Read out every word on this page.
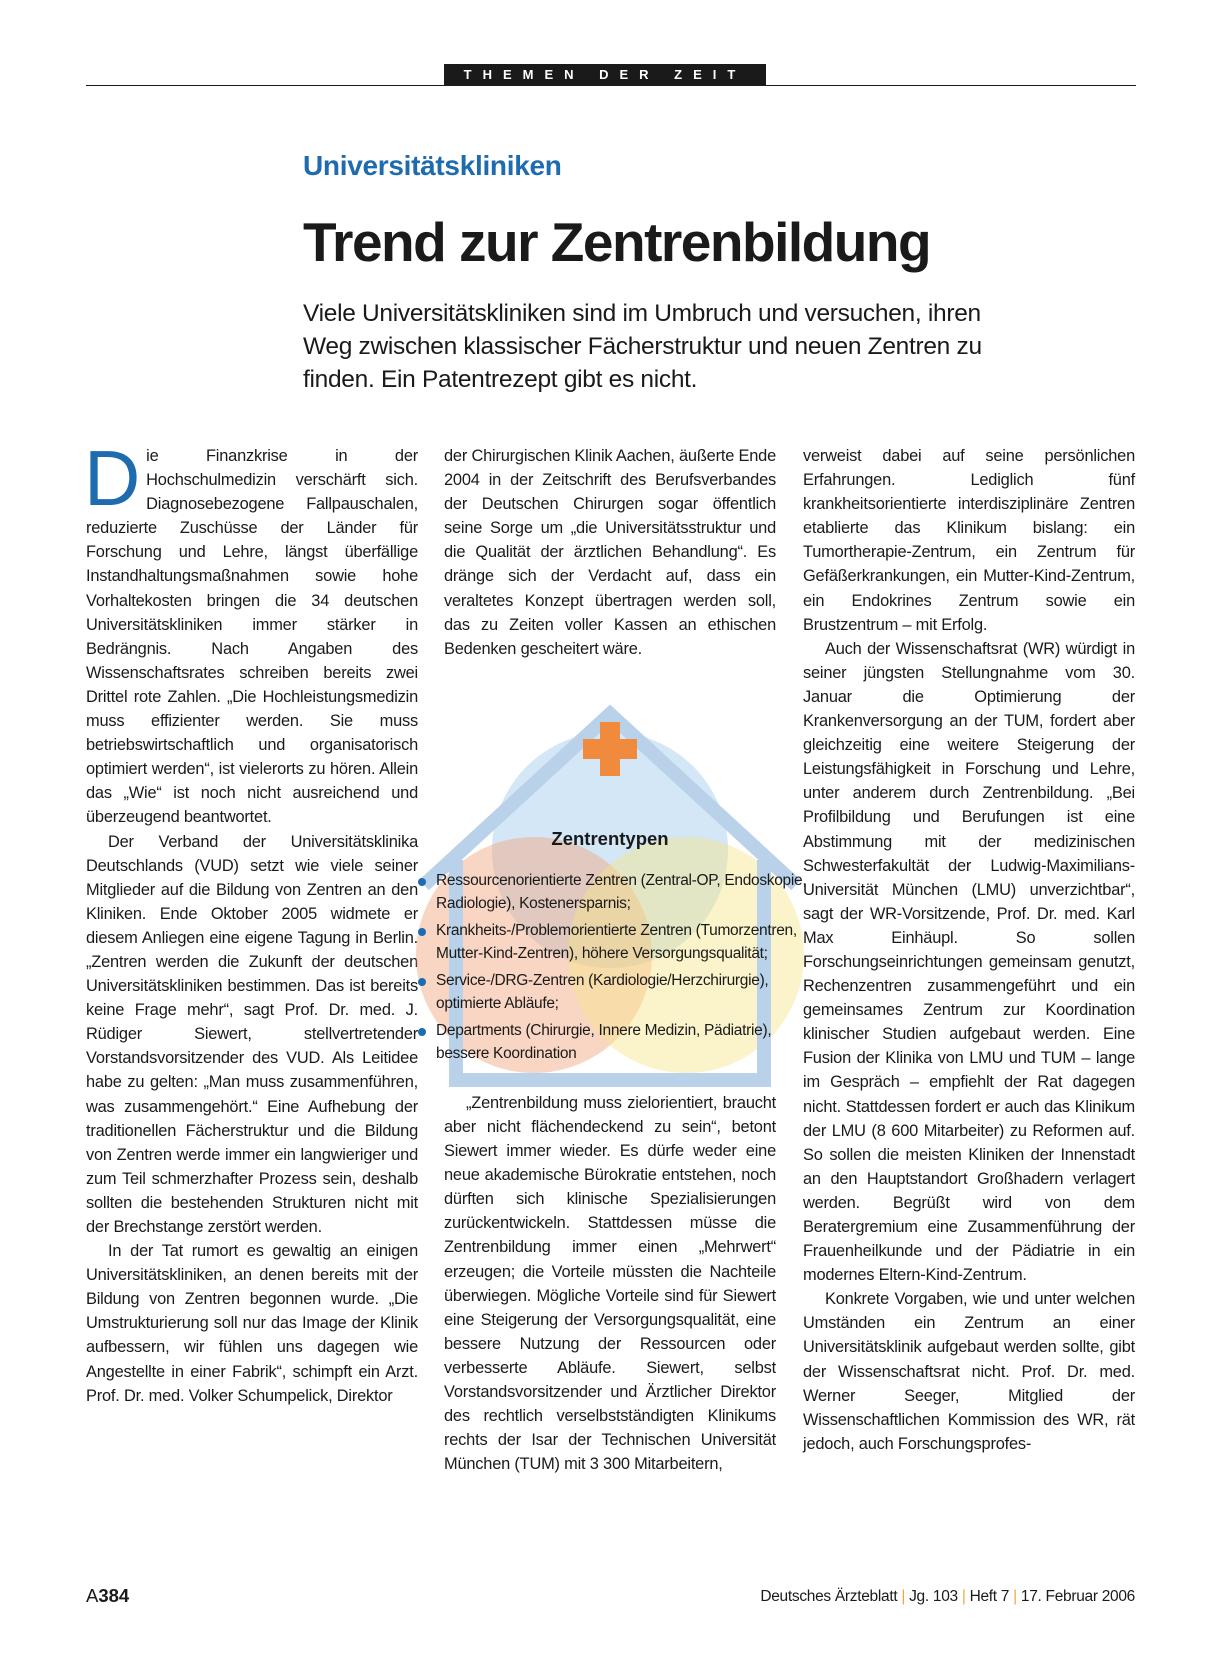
THEMEN DER ZEIT
Universitätskliniken
Trend zur Zentrenbildung
Viele Universitätskliniken sind im Umbruch und versuchen, ihren Weg zwischen klassischer Fächerstruktur und neuen Zentren zu finden. Ein Patentrezept gibt es nicht.

Die Finanzkrise in der Hochschulmedizin verschärft sich. Diagnosebezogene Fallpauschalen, reduzierte Zuschüsse der Länder für Forschung und Lehre, längst überfällige Instandhaltungsmaßnahmen sowie hohe Vorhaltekosten bringen die 34 deutschen Universitätskliniken immer stärker in Bedrängnis. Nach Angaben des Wissenschaftsrates schreiben bereits zwei Drittel rote Zahlen. „Die Hochleistungsmedizin muss effizienter werden. Sie muss betriebswirtschaftlich und organisatorisch optimiert werden“, ist vielerorts zu hören. Allein das „Wie“ ist noch nicht ausreichend und überzeugend beantwortet.

Der Verband der Universitätsklinika Deutschlands (VUD) setzt wie viele seiner Mitglieder auf die Bildung von Zentren an den Kliniken. Ende Oktober 2005 widmete er diesem Anliegen eine eigene Tagung in Berlin. „Zentren werden die Zukunft der deutschen Universitätskliniken bestimmen. Das ist bereits keine Frage mehr“, sagt Prof. Dr. med. J. Rüdiger Siewert, stellvertretender Vorstandsvorsitzender des VUD. Als Leitidee habe zu gelten: „Man muss zusammenführen, was zusammengehört.“ Eine Aufhebung der traditionellen Fächerstruktur und die Bildung von Zentren werde immer ein langwieriger und zum Teil schmerzhafter Prozess sein, deshalb sollten die bestehenden Strukturen nicht mit der Brechstange zerstört werden.

In der Tat rumort es gewaltig an einigen Universitätskliniken, an denen bereits mit der Bildung von Zentren begonnen wurde. „Die Umstrukturierung soll nur das Image der Klinik aufbessern, wir fühlen uns dagegen wie Angestellte in einer Fabrik“, schimpft ein Arzt. Prof. Dr. med. Volker Schumpelick, Direktor

der Chirurgischen Klinik Aachen, äußerte Ende 2004 in der Zeitschrift des Berufsverbandes der Deutschen Chirurgen sogar öffentlich seine Sorge um „die Universitätsstruktur und die Qualität der ärztlichen Behandlung“. Es dränge sich der Verdacht auf, dass ein veraltetes Konzept übertragen werden soll, das zu Zeiten voller Kassen an ethischen Bedenken gescheitert wäre.

„Zentrenbildung muss zielorientiert, braucht aber nicht flächendeckend zu sein“, betont Siewert immer wieder. Es dürfe weder eine neue akademische Bürokratie entstehen, noch dürften sich klinische Spezialisierungen zurückentwickeln. Stattdessen müsse die Zentrenbildung immer einen „Mehrwert“ erzeugen; die Vorteile müssten die Nachteile überwiegen. Mögliche Vorteile sind für Siewert eine Steigerung der Versorgungsqualität, eine bessere Nutzung der Ressourcen oder verbesserte Abläufe. Siewert, selbst Vorstandsvorsitzender und Ärztlicher Direktor des rechtlich verselbstständigten Klinikums rechts der Isar der Technischen Universität München (TUM) mit 3 300 Mitarbeitern,

verweist dabei auf seine persönlichen Erfahrungen. Lediglich fünf krankheitsorientierte interdisziplinäre Zentren etablierte das Klinikum bislang: ein Tumortherapie-Zentrum, ein Zentrum für Gefäßerkrankungen, ein Mutter-Kind-Zentrum, ein Endokrines Zentrum sowie ein Brustzentrum – mit Erfolg.

Auch der Wissenschaftsrat (WR) würdigt in seiner jüngsten Stellungnahme vom 30. Januar die Optimierung der Krankenversorgung an der TUM, fordert aber gleichzeitig eine weitere Steigerung der Leistungsfähigkeit in Forschung und Lehre, unter anderem durch Zentrenbildung. „Bei Profilbildung und Berufungen ist eine Abstimmung mit der medizinischen Schwesterfakultät der Ludwig-Maximilians-Universität München (LMU) unverzichtbar“, sagt der WR-Vorsitzende, Prof. Dr. med. Karl Max Einhäupl. So sollen Forschungseinrichtungen gemeinsam genutzt, Rechenzentren zusammengeführt und ein gemeinsames Zentrum zur Koordination klinischer Studien aufgebaut werden. Eine Fusion der Klinika von LMU und TUM – lange im Gespräch – empfiehlt der Rat dagegen nicht. Stattdessen fordert er auch das Klinikum der LMU (8 600 Mitarbeiter) zu Reformen auf. So sollen die meisten Kliniken der Innenstadt an den Hauptstandort Großhadern verlagert werden. Begrüßt wird von dem Beratergremium eine Zusammenführung der Frauenheilkunde und der Pädiatrie in ein modernes Eltern-Kind-Zentrum.

Konkrete Vorgaben, wie und unter welchen Umständen ein Zentrum an einer Universitätsklinik aufgebaut werden sollte, gibt der Wissenschaftsrat nicht. Prof. Dr. med. Werner Seeger, Mitglied der Wissenschaftlichen Kommission des WR, rät jedoch, auch Forschungsprofes-

Zentrentypen
Ressourcenorientierte Zentren (Zentral-OP, Endoskopie, Radiologie), Kostenersparnis;
Krankheits-/Problemorientierte Zentren (Tumorzentren, Mutter-Kind-Zentren), höhere Versorgungsqualität;
Service-/DRG-Zentren (Kardiologie/Herzchirurgie), optimierte Abläufe;
Departments (Chirurgie, Innere Medizin, Pädiatrie), bessere Koordination
A384	Deutsches Ärzteblatt | Jg. 103 | Heft 7 | 17. Februar 2006
